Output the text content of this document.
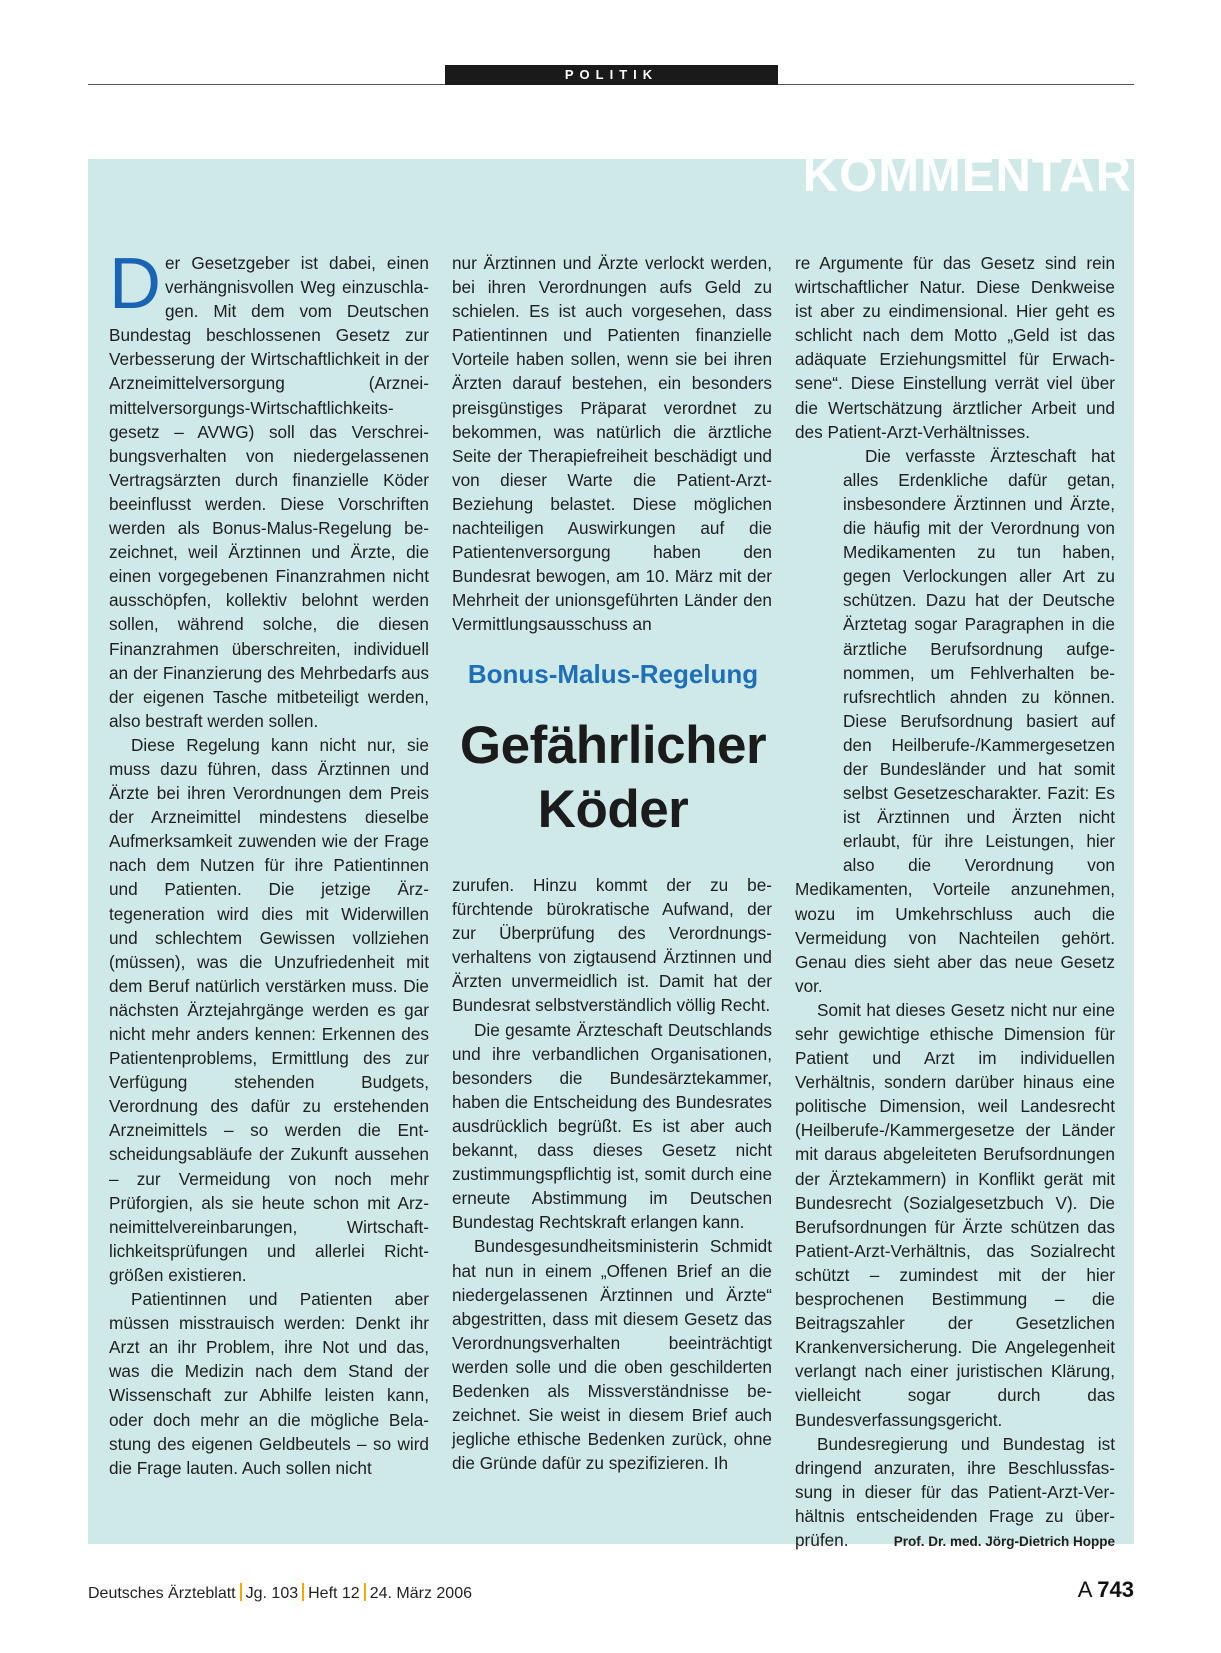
POLITIK
KOMMENTAR

Der Gesetzgeber ist dabei, einen verhängnisvollen Weg einzuschlagen. Mit dem vom Deutschen Bundestag beschlossenen Gesetz zur Verbesserung der Wirtschaftlichkeit in der Arzneimittelversorgung (Arzneimittelversorgungs-Wirtschaftlichkeitsgesetz – AVWG) soll das Verschreibungsverhalten von niedergelassenen Vertragsärzten durch finanzielle Köder beeinflusst werden. Diese Vorschriften werden als Bonus-Malus-Regelung bezeichnet, weil Ärztinnen und Ärzte, die einen vorgegebenen Finanzrahmen nicht ausschöpfen, kollektiv belohnt werden sollen, während solche, die diesen Finanzrahmen überschreiten, individuell an der Finanzierung des Mehrbedarfs aus der eigenen Tasche mitbeteiligt werden, also bestraft werden sollen.

Diese Regelung kann nicht nur, sie muss dazu führen, dass Ärztinnen und Ärzte bei ihren Verordnungen dem Preis der Arzneimittel mindestens dieselbe Aufmerksamkeit zuwenden wie der Frage nach dem Nutzen für ihre Patientinnen und Patienten. Die jetzige Ärztegeneration wird dies mit Widerwillen und schlechtem Gewissen vollziehen (müssen), was die Unzufriedenheit mit dem Beruf natürlich verstärken muss. Die nächsten Ärztejahrgänge werden es gar nicht mehr anders kennen: Erkennen des Patientenproblems, Ermittlung des zur Verfügung stehenden Budgets, Verordnung des dafür zu erstehenden Arzneimittels – so werden die Entscheidungsabläufe der Zukunft aussehen – zur Vermeidung von noch mehr Prüforgien, als sie heute schon mit Arzneimittelvereinbarungen, Wirtschaftlichkeitsprüfungen und allerlei Richtgrößen existieren.

Patientinnen und Patienten aber müssen misstrauisch werden: Denkt ihr Arzt an ihr Problem, ihre Not und das, was die Medizin nach dem Stand der Wissenschaft zur Abhilfe leisten kann, oder doch mehr an die mögliche Belastung des eigenen Geldbeutels – so wird die Frage lauten. Auch sollen nicht

nur Ärztinnen und Ärzte verlockt werden, bei ihren Verordnungen aufs Geld zu schielen. Es ist auch vorgesehen, dass Patientinnen und Patienten finanzielle Vorteile haben sollen, wenn sie bei ihren Ärzten darauf bestehen, ein besonders preisgünstiges Präparat verordnet zu bekommen, was natürlich die ärztliche Seite der Therapiefreiheit beschädigt und von dieser Warte die Patient-Arzt-Beziehung belastet. Diese möglichen nachteiligen Auswirkungen auf die Patientenversorgung haben den Bundesrat bewogen, am 10. März mit der Mehrheit der unionsgeführten Länder den Vermittlungsausschuss an

Bonus-Malus-Regelung
Gefährlicher
Köder

zurufen. Hinzu kommt der zu befürchtende bürokratische Aufwand, der zur Überprüfung des Verordnungsverhaltens von zigtausend Ärztinnen und Ärzten unvermeidlich ist. Damit hat der Bundesrat selbstverständlich völlig Recht.

Die gesamte Ärzteschaft Deutschlands und ihre verbandlichen Organisationen, besonders die Bundesärztekammer, haben die Entscheidung des Bundesrates ausdrücklich begrüßt. Es ist aber auch bekannt, dass dieses Gesetz nicht zustimmungspflichtig ist, somit durch eine erneute Abstimmung im Deutschen Bundestag Rechtskraft erlangen kann.

Bundesgesundheitsministerin Schmidt hat nun in einem „Offenen Brief an die niedergelassenen Ärztinnen und Ärzte“ abgestritten, dass mit diesem Gesetz das Verordnungsverhalten beeinträchtigt werden solle und die oben geschilderten Bedenken als Missverständnisse bezeichnet. Sie weist in diesem Brief auch jegliche ethische Bedenken zurück, ohne die Gründe dafür zu spezifizieren. Ih

re Argumente für das Gesetz sind rein wirtschaftlicher Natur. Diese Denkweise ist aber zu eindimensional. Hier geht es schlicht nach dem Motto „Geld ist das adäquate Erziehungsmittel für Erwachsene“. Diese Einstellung verrät viel über die Wertschätzung ärztlicher Arbeit und des Patient-Arzt-Verhältnisses.

Die verfasste Ärzteschaft hat alles Erdenkliche dafür getan, insbesondere Ärztinnen und Ärzte, die häufig mit der Verordnung von Medikamenten zu tun haben, gegen Verlockungen aller Art zu schützen. Dazu hat der Deutsche Ärztetag sogar Paragraphen in die ärztliche Berufsordnung aufgenommen, um Fehlverhalten berufsrechtlich ahnden zu können. Diese Berufsordnung basiert auf den Heilberufe-/Kammergesetzen der Bundesländer und hat somit selbst Gesetzescharakter. Fazit: Es ist Ärztinnen und Ärzten nicht erlaubt, für ihre Leistungen, hier also die Verordnung von Medikamenten, Vorteile anzunehmen, wozu im Umkehrschluss auch die Vermeidung von Nachteilen gehört. Genau dies sieht aber das neue Gesetz vor.

Somit hat dieses Gesetz nicht nur eine sehr gewichtige ethische Dimension für Patient und Arzt im individuellen Verhältnis, sondern darüber hinaus eine politische Dimension, weil Landesrecht (Heilberufe-/Kammergesetze der Länder mit daraus abgeleiteten Berufsordnungen der Ärztekammern) in Konflikt gerät mit Bundesrecht (Sozialgesetzbuch V). Die Berufsordnungen für Ärzte schützen das Patient-Arzt-Verhältnis, das Sozialrecht schützt – zumindest mit der hier besprochenen Bestimmung – die Beitragszahler der Gesetzlichen Krankenversicherung. Die Angelegenheit verlangt nach einer juristischen Klärung, vielleicht sogar durch das Bundesverfassungsgericht.

Bundesregierung und Bundestag ist dringend anzuraten, ihre Beschlussfassung in dieser für das Patient-Arzt-Verhältnis entscheidenden Frage zu überprüfen.	Prof. Dr. med. Jörg-Dietrich Hoppe

Deutsches Ärzteblatt Jg. 103 Heft 12 24. März 2006	A 743
